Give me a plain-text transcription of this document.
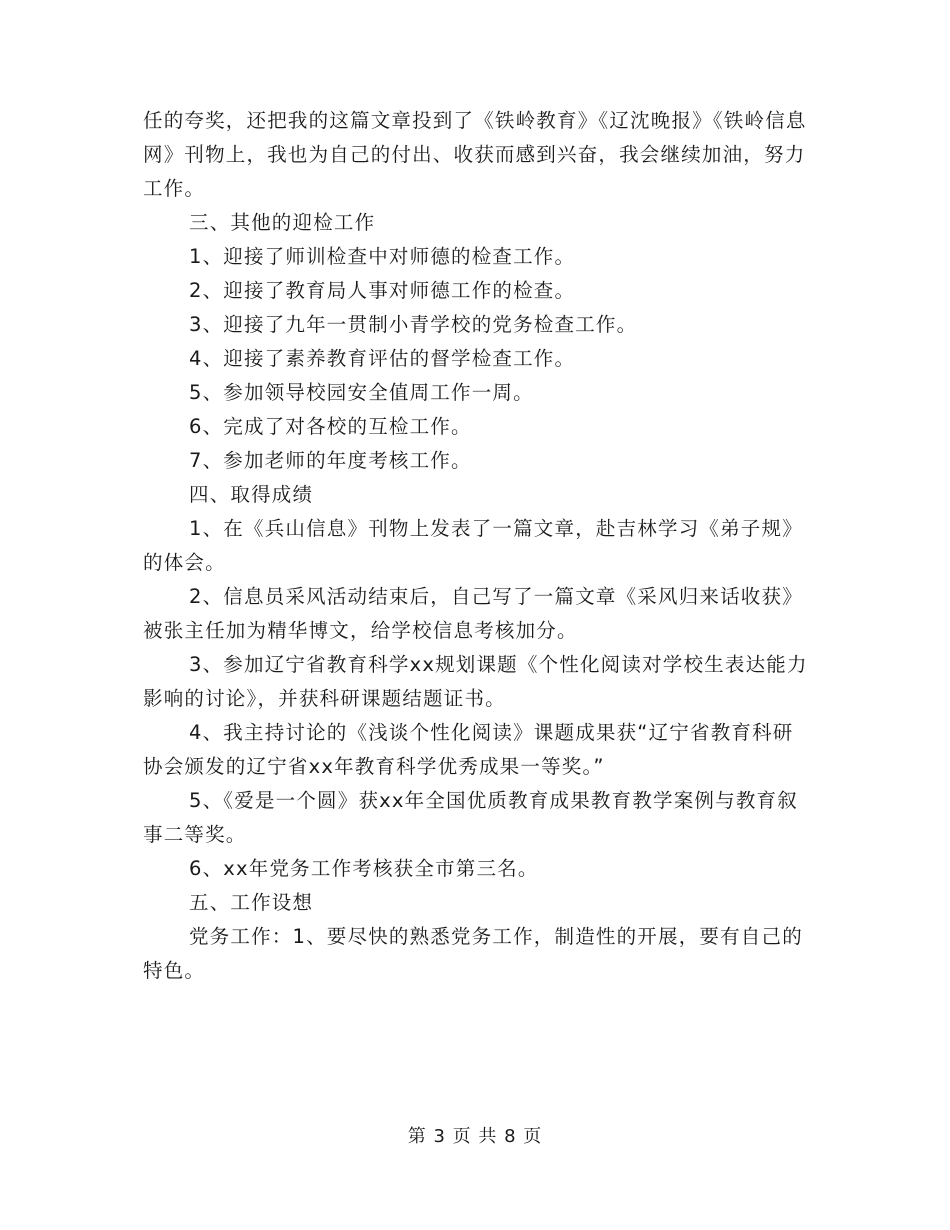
任的夸奖，还把我的这篇文章投到了《铁岭教育》《辽沈晚报》《铁岭信息网》刊物上，我也为自己的付出、收获而感到兴奋，我会继续加油，努力工作。

三、其他的迎检工作

1、迎接了师训检查中对师德的检查工作。

2、迎接了教育局人事对师德工作的检查。

3、迎接了九年一贯制小青学校的党务检查工作。

4、迎接了素养教育评估的督学检查工作。

5、参加领导校园安全值周工作一周。

6、完成了对各校的互检工作。

7、参加老师的年度考核工作。

四、取得成绩

1、在《兵山信息》刊物上发表了一篇文章，赴吉林学习《弟子规》的体会。

2、信息员采风活动结束后，自己写了一篇文章《采风归来话收获》被张主任加为精华博文，给学校信息考核加分。

3、参加辽宁省教育科学xx规划课题《个性化阅读对学校生表达能力影响的讨论》，并获科研课题结题证书。

4、我主持讨论的《浅谈个性化阅读》课题成果获“辽宁省教育科研协会颁发的辽宁省xx年教育科学优秀成果一等奖。”

5、《爱是一个圆》获xx年全国优质教育成果教育教学案例与教育叙事二等奖。

6、xx年党务工作考核获全市第三名。

五、工作设想

党务工作：1、要尽快的熟悉党务工作，制造性的开展，要有自己的特色。

第 3 页 共 8 页
